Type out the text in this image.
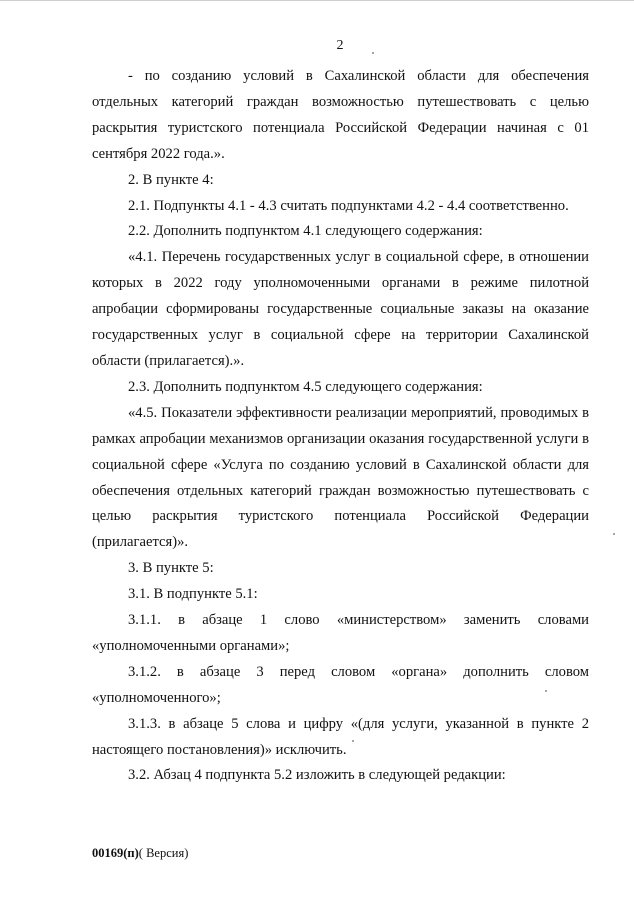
2

- по созданию условий в Сахалинской области для обеспечения отдельных категорий граждан возможностью путешествовать с целью раскрытия туристского потенциала Российской Федерации начиная с 01 сентября 2022 года.».

2. В пункте 4:

2.1. Подпункты 4.1 - 4.3 считать подпунктами 4.2 - 4.4 соответственно.

2.2. Дополнить подпунктом 4.1 следующего содержания:

«4.1. Перечень государственных услуг в социальной сфере, в отношении которых в 2022 году уполномоченными органами в режиме пилотной апробации сформированы государственные социальные заказы на оказание государственных услуг в социальной сфере на территории Сахалинской области (прилагается).».

2.3. Дополнить подпунктом 4.5 следующего содержания:

«4.5. Показатели эффективности реализации мероприятий, проводимых в рамках апробации механизмов организации оказания государственной услуги в социальной сфере «Услуга по созданию условий в Сахалинской области для обеспечения отдельных категорий граждан возможностью путешествовать с целью раскрытия туристского потенциала Российской Федерации (прилагается)».

3. В пункте 5:

3.1. В подпункте 5.1:

3.1.1. в абзаце 1 слово «министерством» заменить словами «уполномоченными органами»;

3.1.2. в абзаце 3 перед словом «органа» дополнить словом «уполномоченного»;

3.1.3. в абзаце 5 слова и цифру «(для услуги, указанной в пункте 2 настоящего постановления)» исключить.

3.2. Абзац 4 подпункта 5.2 изложить в следующей редакции:

00169(п)( Версия)
